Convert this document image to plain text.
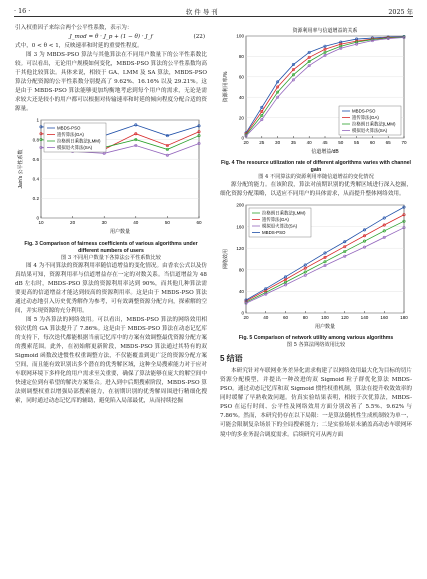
· 16 ·	软 件 导 刊	2025 年
引入权重因子来综合两个公平性系数，表示为：
J_mod = θ · J_p + (1 − θ) · J_f	(22)
式中，0 < θ < 1，反映速率和时延的重要性程度。
图 3 为 MBDS-PSO 算法与其他算法在不同用户数量下的公平性系数比较。可以看出，无论用户规模如何变化，MBDS-PSO 算法的公平性系数均高于其他比较算法。具体来说，相较于 GA、LMM 及 SA 算法，MBDS-PSO 算法分配资源的公平性系数分别提高了 9.62%、16.16% 以及 29.21%。这是由于 MBDS-PSO 算法能够更加均衡地考虑到每个用户的需求，无论是需求较大还是较小的用户都可以根据对传输速率和时延的倾向程度分配合适的资源量。
0
0.2
0.4
0.6
0.8
1
10	20	30	40	50	60
用户数量
Jain's 公平性系数
MBDS-PSO
遗传算法(GA)
拉格朗日乘数法(LMM)
模拟退火算法(SA)
Fig. 3 Comparison of fairness coefficients of various algorithms under different numbers of users
图 3 不同用户数量下各算法公平性系数比较
图 4 为不同算法的资源利用率随信道增益的变化情况。由香农公式以及仿真结果可知，资源利用率与信道增益存在一定的对数关系。当信道增益为 48 dB 左右时，MBDS-PSO 算法的资源利用率达到 90%，而其他几种算法需要更高的信道增益才能达到较高的资源利用率。这是由于 MBDS-PSO 算法通过动态地引入历史优秀解作为参考，可有效调整资源分配方向，探索解的空间，并实现资源的充分利用。
图 5 为各算法的网络效用。可以看出，MBDS-PSO 算法的网络效用相较次优的 GA 算法提升了 7.86%。这是由于 MBDS-PSO 算法在动态记忆库的支持下，每次迭代都能根据当前记忆库中的方案有效调整最优资源分配方案的搜索范围。此外，在初始解更新阶段，MBDS-PSO 算法通过其特有的双 Sigmoid 函数改进惯性权重调整方法，不仅能覆盖到更广泛的资源分配方案空间，而且能有效识别出多个潜在的优秀解区域，这种全局搜索能力对于应对车联网环境下多样化的用户需求至关重要，确保了算法能够在庞大的解空间中快速定位到有希望的解决方案集合。进入到中后期搜索阶段，MBDS-PSO 算法则调整权重以增强局部搜索能力，在初期识别的优秀解周围进行精细化搜索，同时通过动态记忆库的辅助，避免陷入局部最优，从而持续挖掘
资源利用率与信道增益的关系
0
20
40
60
80
100
20 25 30 35 40 45 50 55 60 65 70
信道增益/dB
资源利用率/%
MBDS-PSO
遗传算法(GA)
拉格朗日乘数法(LMM)
模拟退火算法(SA)
Fig. 4 The resource utilization rate of different algorithms varies with channel gain
图 4 不同算法的资源利用率随信道增益的变化情况
源分配的能力。在该阶段，算法对前期识别的优秀解区域进行深入挖掘，细化资源分配策略，以适应不同用户的具体需求，从而提升整体网络效用。
0
40
80
120
160
200
20	40	60	80	100	120	140	160	180
用户数量
网络效用
拉格朗日乘数法(LMM)
遗传算法(GA)
模拟退火算法(SA)
MBDS-PSO
Fig. 5 Comparison of network utility among various algorithms
图 5 各算法网络效用比较
5 结语
本研究针对车联网业务差异化需求构建了以网络效用最大化为目标的切片资源分配模型，并提出一种改进的双 Sigmoid 粒子群优化算法 MBDS-PSO。通过动态记忆库和双 Sigmoid 惯性权重机制，算法在提升收敛效率的同时缓解了早熟收敛问题。仿真实验结果表明，相较于次优算法，MBDS-PSO 在运行时间、公平性及网络效用方面分别改善了 5.5%、9.62% 与 7.86%。然而，本研究仍存在以下局限：一是算法随机性生成机制较为单一，可能会限制复杂场景下的全局搜索能力；二是实验场景未涵盖高动态车联网环境中的多业务混合调度需求。后续研究可从两方面
